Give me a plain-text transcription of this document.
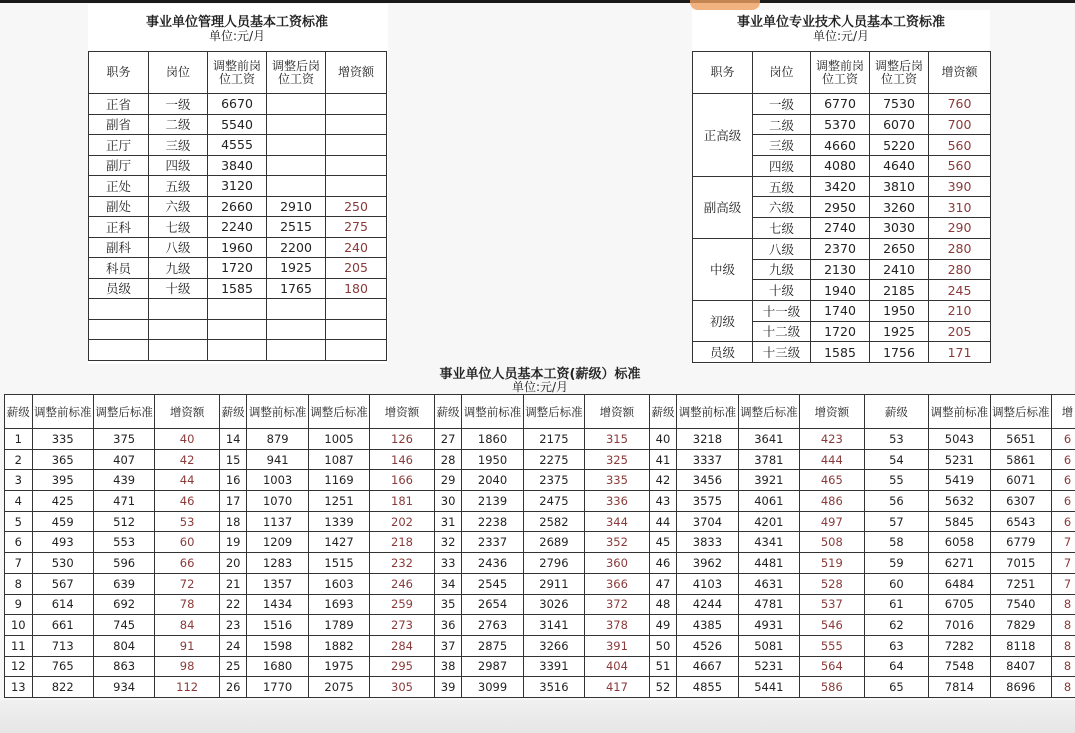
事业单位管理人员基本工资标准
单位:元/月
职务	岗位	调整前岗位工资	调整后岗位工资	增资额
正省	一级	6670		
副省	二级	5540		
正厅	三级	4555		
副厅	四级	3840		
正处	五级	3120		
副处	六级	2660	2910	250
正科	七级	2240	2515	275
副科	八级	1960	2200	240
科员	九级	1720	1925	205
员级	十级	1585	1765	180

事业单位专业技术人员基本工资标准
单位:元/月
职务	岗位	调整前岗位工资	调整后岗位工资	增资额
正高级	一级	6770	7530	760
	二级	5370	6070	700
	三级	4660	5220	560
	四级	4080	4640	560
副高级	五级	3420	3810	390
	六级	2950	3260	310
	七级	2740	3030	290
中级	八级	2370	2650	280
	九级	2130	2410	280
	十级	1940	2185	245
初级	十一级	1740	1950	210
	十二级	1720	1925	205
员级	十三级	1585	1756	171
事业单位人员基本工资(薪级）标准
单位:元/月
薪级	调整前标准	调整后标准	增资额	薪级	调整前标准	调整后标准	增资额	薪级	调整前标准	调整后标准	增资额	薪级	调整前标准	调整后标准	增资额	薪级	调整前标准	调整后标准	增
1	335	375	40	14	879	1005	126	27	1860	2175	315	40	3218	3641	423	53	5043	5651	6
2	365	407	42	15	941	1087	146	28	1950	2275	325	41	3337	3781	444	54	5231	5861	6
3	395	439	44	16	1003	1169	166	29	2040	2375	335	42	3456	3921	465	55	5419	6071	6
4	425	471	46	17	1070	1251	181	30	2139	2475	336	43	3575	4061	486	56	5632	6307	6
5	459	512	53	18	1137	1339	202	31	2238	2582	344	44	3704	4201	497	57	5845	6543	6
6	493	553	60	19	1209	1427	218	32	2337	2689	352	45	3833	4341	508	58	6058	6779	7
7	530	596	66	20	1283	1515	232	33	2436	2796	360	46	3962	4481	519	59	6271	7015	7
8	567	639	72	21	1357	1603	246	34	2545	2911	366	47	4103	4631	528	60	6484	7251	7
9	614	692	78	22	1434	1693	259	35	2654	3026	372	48	4244	4781	537	61	6705	7540	8
10	661	745	84	23	1516	1789	273	36	2763	3141	378	49	4385	4931	546	62	7016	7829	8
11	713	804	91	24	1598	1882	284	37	2875	3266	391	50	4526	5081	555	63	7282	8118	8
12	765	863	98	25	1680	1975	295	38	2987	3391	404	51	4667	5231	564	64	7548	8407	8
13	822	934	112	26	1770	2075	305	39	3099	3516	417	52	4855	5441	586	65	7814	8696	8
